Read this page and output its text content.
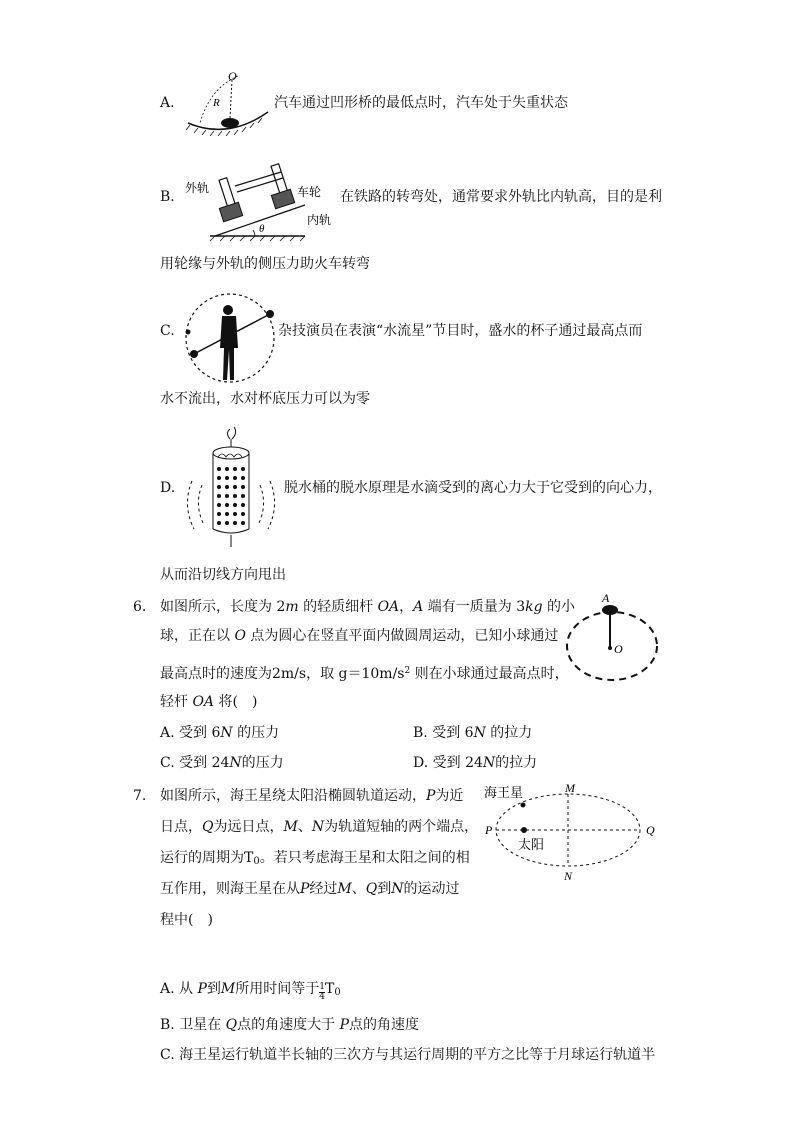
A.
O
R	汽车通过凹形桥的最低点时，汽车处于失重状态
B.
外轨	车轮
内轨
θ
在铁路的转弯处，通常要求外轨比内轨高，目的是利
用轮缘与外轨的侧压力助火车转弯
C.	杂技演员在表演“水流星”节目时，盛水的杯子通过最高点而
水不流出，水对杯底压力可以为零
D.	脱水桶的脱水原理是水滴受到的离心力大于它受到的向心力，
从而沿切线方向甩出
6. 如图所示，长度为 2m 的轻质细杆 OA，A 端有一质量为 3kg 的小
球，正在以 O 点为圆心在竖直平面内做圆周运动，已知小球通过
最高点时的速度为2m/s，取 $g=10m/s^2$ 则在小球通过最高点时，
轻杆 OA 将(　)
A
O
A. 受到 6N 的压力	B. 受到 6N 的拉力
C. 受到 24N的压力	D. 受到 24N的拉力
7. 如图所示，海王星绕太阳沿椭圆轨道运动，P为近
日点，Q为远日点，M、N为轨道短轴的两个端点，
运行的周期为$T_0$。若只考虑海王星和太阳之间的相
互作用，则海王星在从P经过M、Q到N的运动过
程中(　)
海王星	M
P	Q
太阳
N
A. 从 P到M所用时间等于 $\frac{1}{4} T_0$
B. 卫星在 Q点的角速度大于 P点的角速度
C. 海王星运行轨道半长轴的三次方与其运行周期的平方之比等于月球运行轨道半
